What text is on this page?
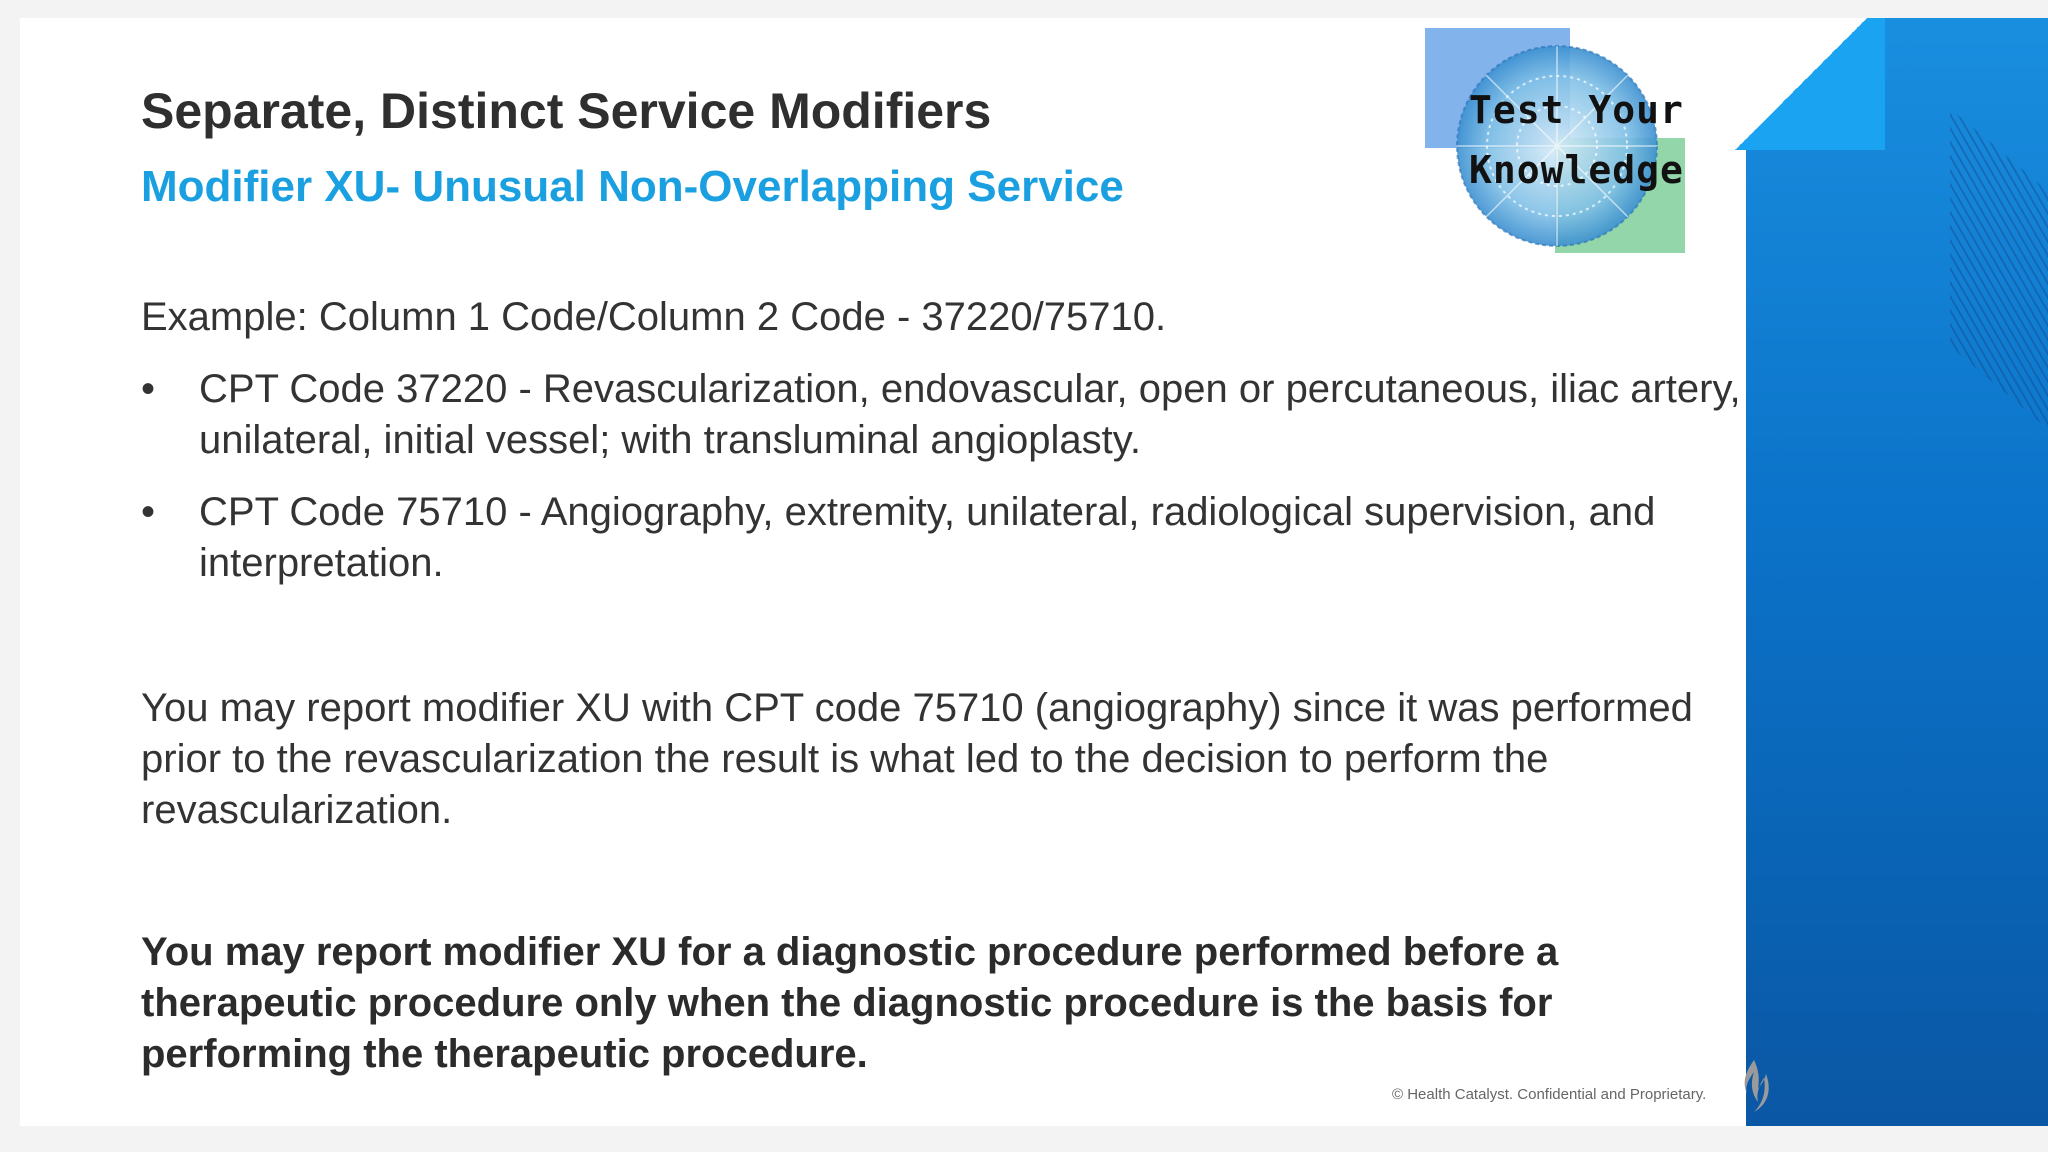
Separate, Distinct Service Modifiers
Modifier XU- Unusual Non-Overlapping Service
Test Your
Knowledge

Example: Column 1 Code/Column 2 Code - 37220/75710.

• CPT Code 37220 - Revascularization, endovascular, open or percutaneous, iliac artery, unilateral, initial vessel; with transluminal angioplasty.
• CPT Code 75710 - Angiography, extremity, unilateral, radiological supervision, and interpretation.

You may report modifier XU with CPT code 75710 (angiography) since it was performed prior to the revascularization the result is what led to the decision to perform the revascularization.

You may report modifier XU for a diagnostic procedure performed before a therapeutic procedure only when the diagnostic procedure is the basis for performing the therapeutic procedure.

© Health Catalyst. Confidential and Proprietary.
